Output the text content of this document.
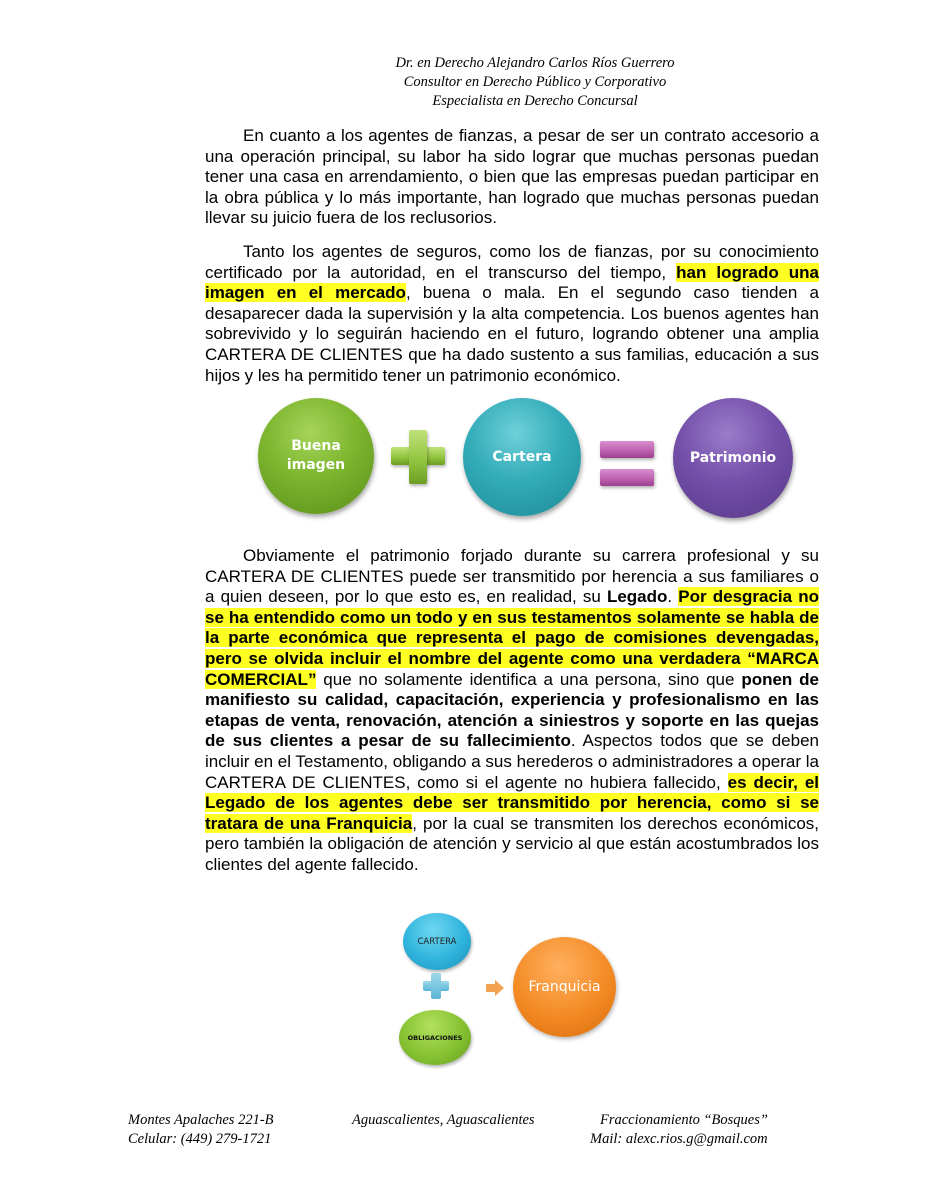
Dr. en Derecho Alejandro Carlos Ríos Guerrero
Consultor en Derecho Público y Corporativo
Especialista en Derecho Concursal

En cuanto a los agentes de fianzas, a pesar de ser un contrato accesorio a una operación principal, su labor ha sido lograr que muchas personas puedan tener una casa en arrendamiento, o bien que las empresas puedan participar en la obra pública y lo más importante, han logrado que muchas personas puedan llevar su juicio fuera de los reclusorios.

Tanto los agentes de seguros, como los de fianzas, por su conocimiento certificado por la autoridad, en el transcurso del tiempo, han logrado una imagen en el mercado, buena o mala. En el segundo caso tienden a desaparecer dada la supervisión y la alta competencia. Los buenos agentes han sobrevivido y lo seguirán haciendo en el futuro, logrando obtener una amplia CARTERA DE CLIENTES que ha dado sustento a sus familias, educación a sus hijos y les ha permitido tener un patrimonio económico.

Buena imagen	Cartera	Patrimonio

Obviamente el patrimonio forjado durante su carrera profesional y su CARTERA DE CLIENTES puede ser transmitido por herencia a sus familiares o a quien deseen, por lo que esto es, en realidad, su Legado. Por desgracia no se ha entendido como un todo y en sus testamentos solamente se habla de la parte económica que representa el pago de comisiones devengadas, pero se olvida incluir el nombre del agente como una verdadera “MARCA COMERCIAL” que no solamente identifica a una persona, sino que ponen de manifiesto su calidad, capacitación, experiencia y profesionalismo en las etapas de venta, renovación, atención a siniestros y soporte en las quejas de sus clientes a pesar de su fallecimiento. Aspectos todos que se deben incluir en el Testamento, obligando a sus herederos o administradores a operar la CARTERA DE CLIENTES, como si el agente no hubiera fallecido, es decir, el Legado de los agentes debe ser transmitido por herencia, como si se tratara de una Franquicia, por la cual se transmiten los derechos económicos, pero también la obligación de atención y servicio al que están acostumbrados los clientes del agente fallecido.

CARTERA
OBLIGACIONES
Franquicia
Montes Apalaches 221-B	Aguascalientes, Aguascalientes	Fraccionamiento “Bosques”
Celular: (449) 279-1721	Mail: alexc.rios.g@gmail.com
